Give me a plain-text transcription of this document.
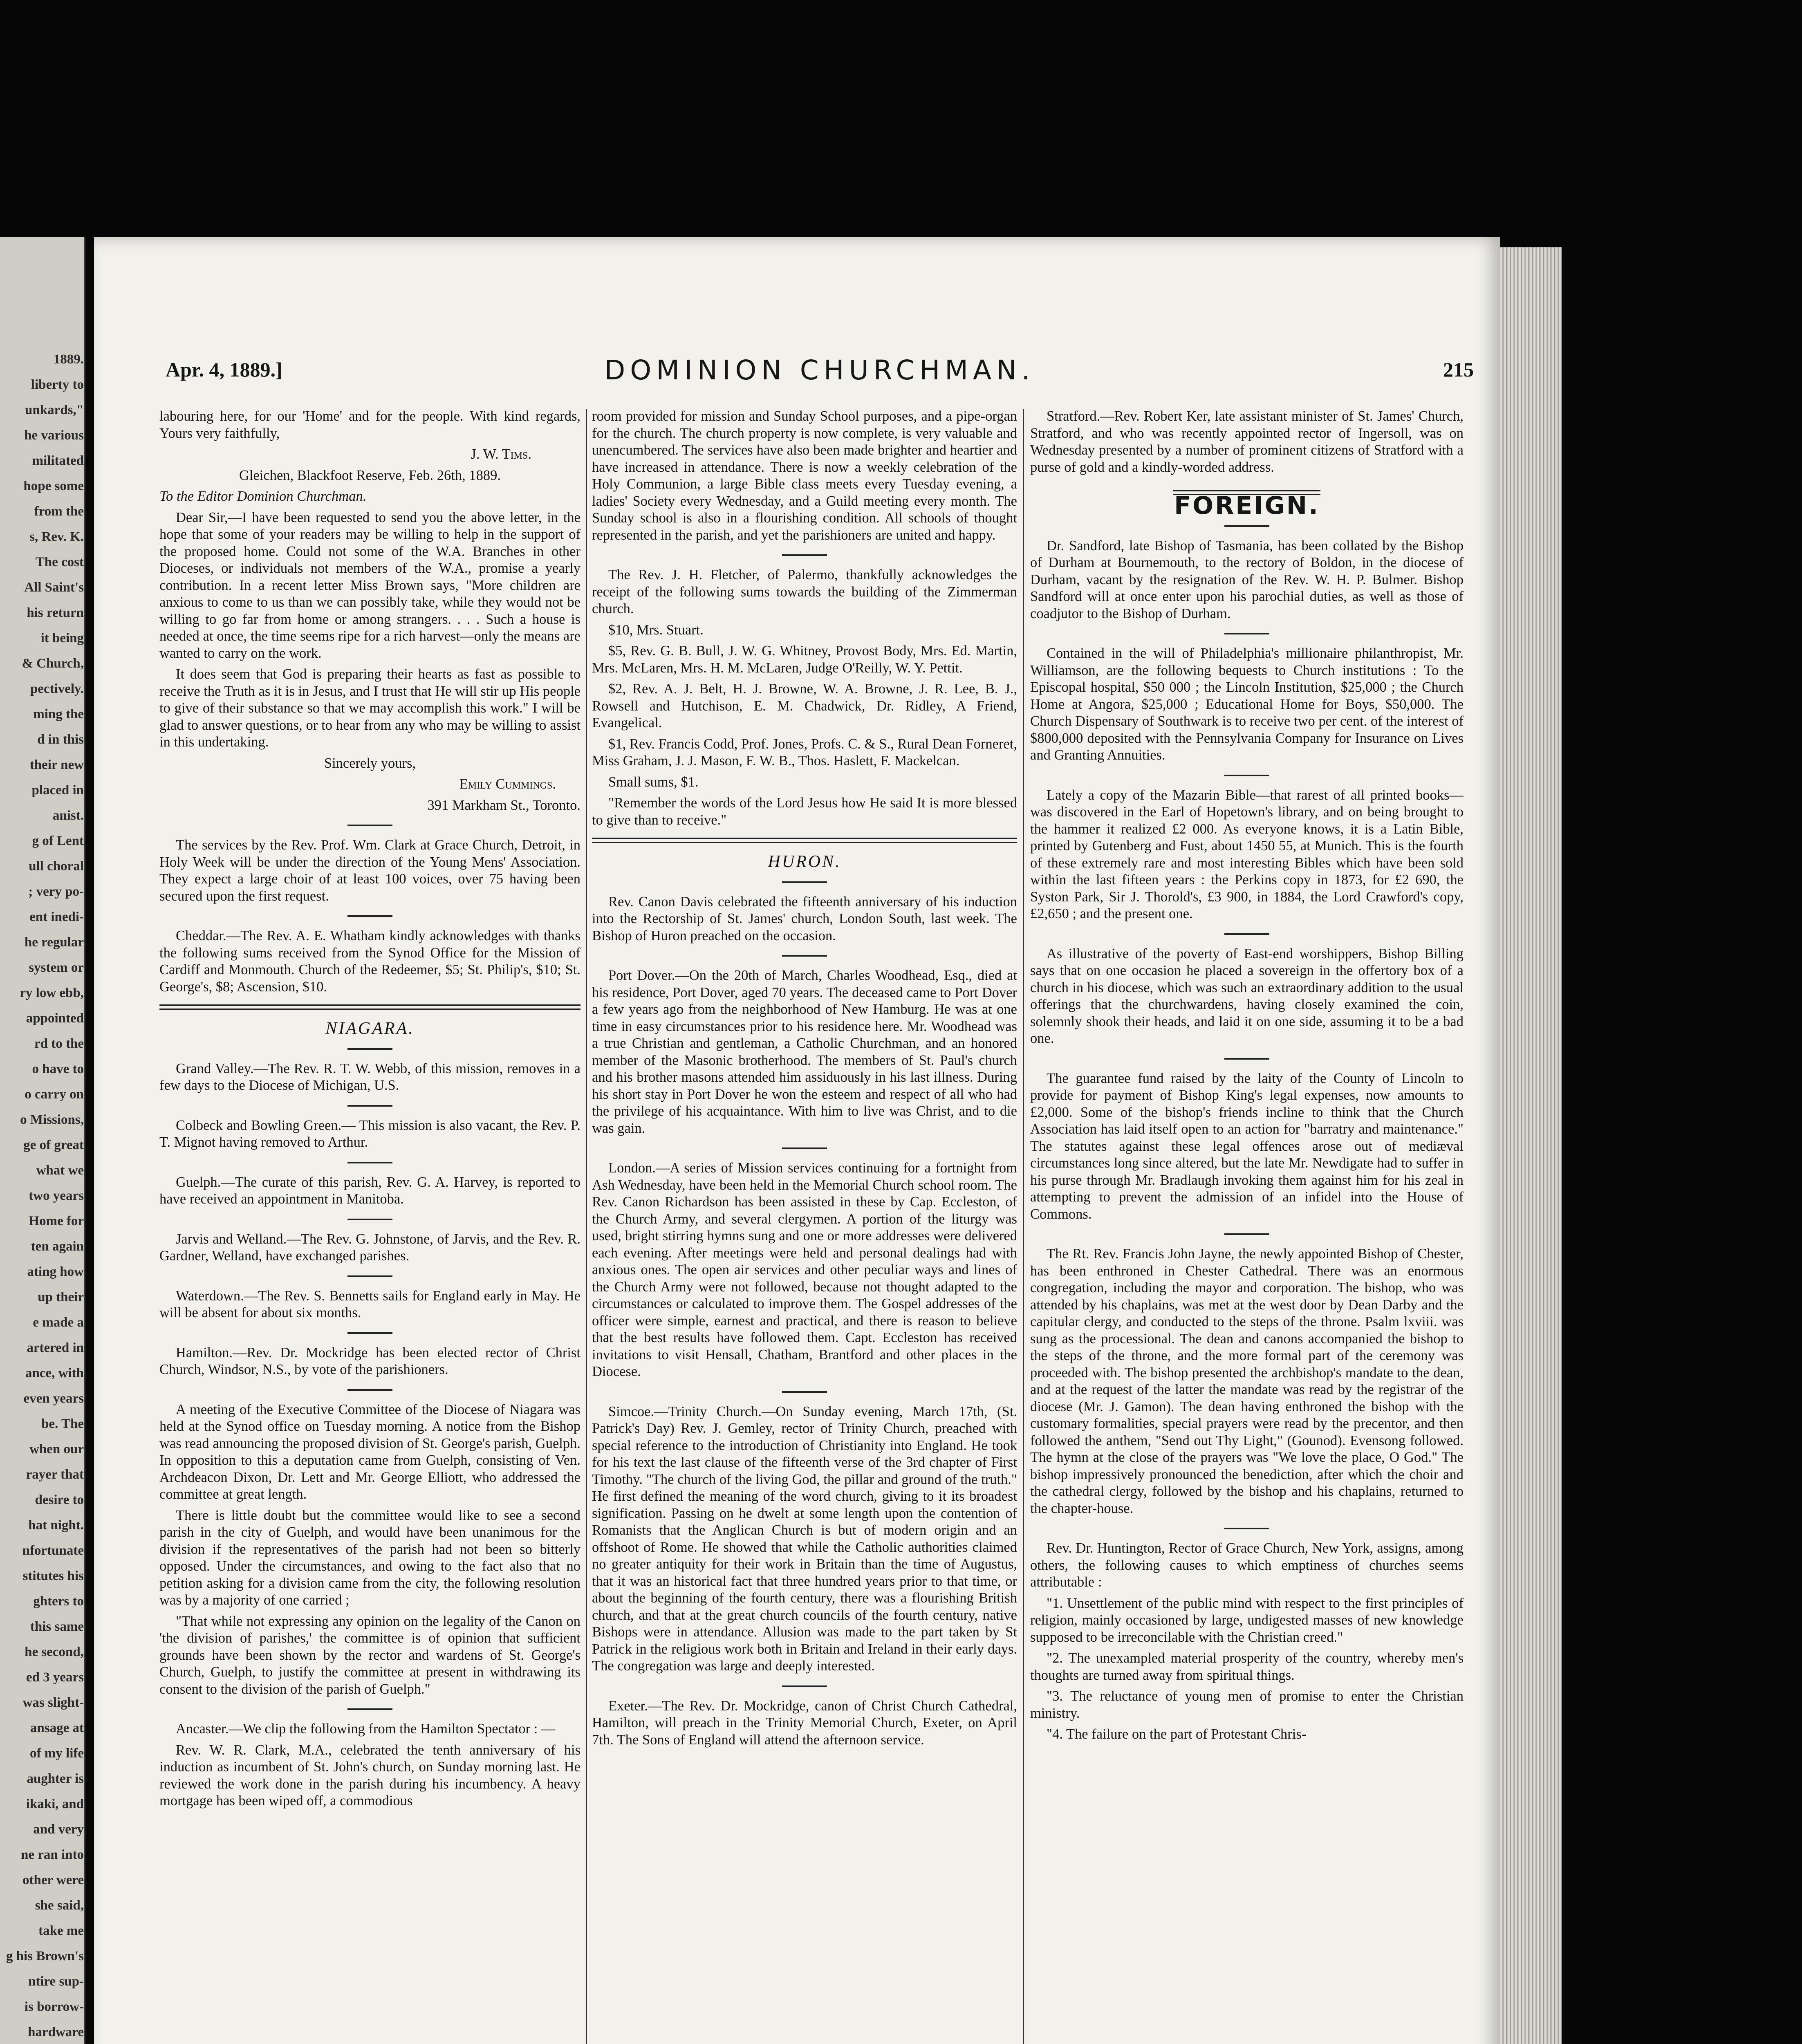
1889.
liberty to
unkards,"
he various
militated
hope some
from the
s, Rev. K.
The cost
All Saint's
his return
it being
& Church,
pectively.
ming the
d in this
their new
placed in
anist.
g of Lent
ull choral
; very po-
ent inedi-
he regular
system or
ry low ebb,
appointed
rd to the
o have to
o carry on
o Missions,
ge of great
what we
two years
Home for
ten again
ating how
up their
e made a
artered in
ance, with
even years
be. The
when our
rayer that
desire to
hat night.
nfortunate
stitutes his
ghters to
this same
he second,
ed 3 years
was slight-
ansage at
of my life
aughter is
ikaki, and
and very
ne ran into
other were
she said,
take me
g his Brown's
ntire sup-
is borrow-
hardware
Apr. 4, 1889.]	DOMINION CHURCHMAN.	215

labouring here, for our 'Home' and for the people. With kind regards, Yours very faithfully,

J. W. Tims.

Gleichen, Blackfoot Reserve, Feb. 26th, 1889.

To the Editor Dominion Churchman.

Dear Sir,—I have been requested to send you the above letter, in the hope that some of your readers may be willing to help in the support of the proposed home. Could not some of the W.A. Branches in other Dioceses, or individuals not members of the W.A., promise a yearly contribution. In a recent letter Miss Brown says, "More children are anxious to come to us than we can possibly take, while they would not be willing to go far from home or among strangers. . . . Such a house is needed at once, the time seems ripe for a rich harvest—only the means are wanted to carry on the work.

It does seem that God is preparing their hearts as fast as possible to receive the Truth as it is in Jesus, and I trust that He will stir up His people to give of their substance so that we may accomplish this work." I will be glad to answer questions, or to hear from any who may be willing to assist in this undertaking.

Sincerely yours,

Emily Cummings.

391 Markham St., Toronto.

The services by the Rev. Prof. Wm. Clark at Grace Church, Detroit, in Holy Week will be under the direction of the Young Mens' Association. They expect a large choir of at least 100 voices, over 75 having been secured upon the first request.

Cheddar.—The Rev. A. E. Whatham kindly acknowledges with thanks the following sums received from the Synod Office for the Mission of Cardiff and Monmouth. Church of the Redeemer, $5; St. Philip's, $10; St. George's, $8; Ascension, $10.

NIAGARA.

Grand Valley.—The Rev. R. T. W. Webb, of this mission, removes in a few days to the Diocese of Michigan, U.S.

Colbeck and Bowling Green.— This mission is also vacant, the Rev. P. T. Mignot having removed to Arthur.

Guelph.—The curate of this parish, Rev. G. A. Harvey, is reported to have received an appointment in Manitoba.

Jarvis and Welland.—The Rev. G. Johnstone, of Jarvis, and the Rev. R. Gardner, Welland, have exchanged parishes.

Waterdown.—The Rev. S. Bennetts sails for England early in May. He will be absent for about six months.

Hamilton.—Rev. Dr. Mockridge has been elected rector of Christ Church, Windsor, N.S., by vote of the parishioners.

A meeting of the Executive Committee of the Diocese of Niagara was held at the Synod office on Tuesday morning. A notice from the Bishop was read announcing the proposed division of St. George's parish, Guelph. In opposition to this a deputation came from Guelph, consisting of Ven. Archdeacon Dixon, Dr. Lett and Mr. George Elliott, who addressed the committee at great length.

There is little doubt but the committee would like to see a second parish in the city of Guelph, and would have been unanimous for the division if the representatives of the parish had not been so bitterly opposed. Under the circumstances, and owing to the fact also that no petition asking for a division came from the city, the following resolution was by a majority of one carried ;

"That while not expressing any opinion on the legality of the Canon on 'the division of parishes,' the committee is of opinion that sufficient grounds have been shown by the rector and wardens of St. George's Church, Guelph, to justify the committee at present in withdrawing its consent to the division of the parish of Guelph."

Ancaster.—We clip the following from the Hamilton Spectator : —

Rev. W. R. Clark, M.A., celebrated the tenth anniversary of his induction as incumbent of St. John's church, on Sunday morning last. He reviewed the work done in the parish during his incumbency. A heavy mortgage has been wiped off, a commodious

room provided for mission and Sunday School purposes, and a pipe-organ for the church. The church property is now complete, is very valuable and unencumbered. The services have also been made brighter and heartier and have increased in attendance. There is now a weekly celebration of the Holy Communion, a large Bible class meets every Tuesday evening, a ladies' Society every Wednesday, and a Guild meeting every month. The Sunday school is also in a flourishing condition. All schools of thought represented in the parish, and yet the parishioners are united and happy.

The Rev. J. H. Fletcher, of Palermo, thankfully acknowledges the receipt of the following sums towards the building of the Zimmerman church.

$10, Mrs. Stuart.

$5, Rev. G. B. Bull, J. W. G. Whitney, Provost Body, Mrs. Ed. Martin, Mrs. McLaren, Mrs. H. M. McLaren, Judge O'Reilly, W. Y. Pettit.

$2, Rev. A. J. Belt, H. J. Browne, W. A. Browne, J. R. Lee, B. J., Rowsell and Hutchison, E. M. Chadwick, Dr. Ridley, A Friend, Evangelical.

$1, Rev. Francis Codd, Prof. Jones, Profs. C. & S., Rural Dean Forneret, Miss Graham, J. J. Mason, F. W. B., Thos. Haslett, F. Mackelcan.

Small sums, $1.

"Remember the words of the Lord Jesus how He said It is more blessed to give than to receive."

HURON.

Rev. Canon Davis celebrated the fifteenth anniversary of his induction into the Rectorship of St. James' church, London South, last week. The Bishop of Huron preached on the occasion.

Port Dover.—On the 20th of March, Charles Woodhead, Esq., died at his residence, Port Dover, aged 70 years. The deceased came to Port Dover a few years ago from the neighborhood of New Hamburg. He was at one time in easy circumstances prior to his residence here. Mr. Woodhead was a true Christian and gentleman, a Catholic Churchman, and an honored member of the Masonic brotherhood. The members of St. Paul's church and his brother masons attended him assiduously in his last illness. During his short stay in Port Dover he won the esteem and respect of all who had the privilege of his acquaintance. With him to live was Christ, and to die was gain.

London.—A series of Mission services continuing for a fortnight from Ash Wednesday, have been held in the Memorial Church school room. The Rev. Canon Richardson has been assisted in these by Cap. Eccleston, of the Church Army, and several clergymen. A portion of the liturgy was used, bright stirring hymns sung and one or more addresses were delivered each evening. After meetings were held and personal dealings had with anxious ones. The open air services and other peculiar ways and lines of the Church Army were not followed, because not thought adapted to the circumstances or calculated to improve them. The Gospel addresses of the officer were simple, earnest and practical, and there is reason to believe that the best results have followed them. Capt. Eccleston has received invitations to visit Hensall, Chatham, Brantford and other places in the Diocese.

Simcoe.—Trinity Church.—On Sunday evening, March 17th, (St. Patrick's Day) Rev. J. Gemley, rector of Trinity Church, preached with special reference to the introduction of Christianity into England. He took for his text the last clause of the fifteenth verse of the 3rd chapter of First Timothy. "The church of the living God, the pillar and ground of the truth." He first defined the meaning of the word church, giving to it its broadest signification. Passing on he dwelt at some length upon the contention of Romanists that the Anglican Church is but of modern origin and an offshoot of Rome. He showed that while the Catholic authorities claimed no greater antiquity for their work in Britain than the time of Augustus, that it was an historical fact that three hundred years prior to that time, or about the beginning of the fourth century, there was a flourishing British church, and that at the great church councils of the fourth century, native Bishops were in attendance. Allusion was made to the part taken by St Patrick in the religious work both in Britain and Ireland in their early days. The congregation was large and deeply interested.

Exeter.—The Rev. Dr. Mockridge, canon of Christ Church Cathedral, Hamilton, will preach in the Trinity Memorial Church, Exeter, on April 7th. The Sons of England will attend the afternoon service.

Stratford.—Rev. Robert Ker, late assistant minister of St. James' Church, Stratford, and who was recently appointed rector of Ingersoll, was on Wednesday presented by a number of prominent citizens of Stratford with a purse of gold and a kindly-worded address.

FOREIGN.

Dr. Sandford, late Bishop of Tasmania, has been collated by the Bishop of Durham at Bournemouth, to the rectory of Boldon, in the diocese of Durham, vacant by the resignation of the Rev. W. H. P. Bulmer. Bishop Sandford will at once enter upon his parochial duties, as well as those of coadjutor to the Bishop of Durham.

Contained in the will of Philadelphia's millionaire philanthropist, Mr. Williamson, are the following bequests to Church institutions : To the Episcopal hospital, $50 000 ; the Lincoln Institution, $25,000 ; the Church Home at Angora, $25,000 ; Educational Home for Boys, $50,000. The Church Dispensary of Southwark is to receive two per cent. of the interest of $800,000 deposited with the Pennsylvania Company for Insurance on Lives and Granting Annuities.

Lately a copy of the Mazarin Bible—that rarest of all printed books—was discovered in the Earl of Hopetown's library, and on being brought to the hammer it realized £2 000. As everyone knows, it is a Latin Bible, printed by Gutenberg and Fust, about 1450 55, at Munich. This is the fourth of these extremely rare and most interesting Bibles which have been sold within the last fifteen years : the Perkins copy in 1873, for £2 690, the Syston Park, Sir J. Thorold's, £3 900, in 1884, the Lord Crawford's copy, £2,650 ; and the present one.

As illustrative of the poverty of East-end worshippers, Bishop Billing says that on one occasion he placed a sovereign in the offertory box of a church in his diocese, which was such an extraordinary addition to the usual offerings that the churchwardens, having closely examined the coin, solemnly shook their heads, and laid it on one side, assuming it to be a bad one.

The guarantee fund raised by the laity of the County of Lincoln to provide for payment of Bishop King's legal expenses, now amounts to £2,000. Some of the bishop's friends incline to think that the Church Association has laid itself open to an action for "barratry and maintenance." The statutes against these legal offences arose out of mediæval circumstances long since altered, but the late Mr. Newdigate had to suffer in his purse through Mr. Bradlaugh invoking them against him for his zeal in attempting to prevent the admission of an infidel into the House of Commons.

The Rt. Rev. Francis John Jayne, the newly appointed Bishop of Chester, has been enthroned in Chester Cathedral. There was an enormous congregation, including the mayor and corporation. The bishop, who was attended by his chaplains, was met at the west door by Dean Darby and the capitular clergy, and conducted to the steps of the throne. Psalm lxviii. was sung as the processional. The dean and canons accompanied the bishop to the steps of the throne, and the more formal part of the ceremony was proceeded with. The bishop presented the archbishop's mandate to the dean, and at the request of the latter the mandate was read by the registrar of the diocese (Mr. J. Gamon). The dean having enthroned the bishop with the customary formalities, special prayers were read by the precentor, and then followed the anthem, "Send out Thy Light," (Gounod). Evensong followed. The hymn at the close of the prayers was "We love the place, O God." The bishop impressively pronounced the benediction, after which the choir and the cathedral clergy, followed by the bishop and his chaplains, returned to the chapter-house.

Rev. Dr. Huntington, Rector of Grace Church, New York, assigns, among others, the following causes to which emptiness of churches seems attributable :

"1. Unsettlement of the public mind with respect to the first principles of religion, mainly occasioned by large, undigested masses of new knowledge supposed to be irreconcilable with the Christian creed."

"2. The unexampled material prosperity of the country, whereby men's thoughts are turned away from spiritual things.

"3. The reluctance of young men of promise to enter the Christian ministry.

"4. The failure on the part of Protestant Chris-
